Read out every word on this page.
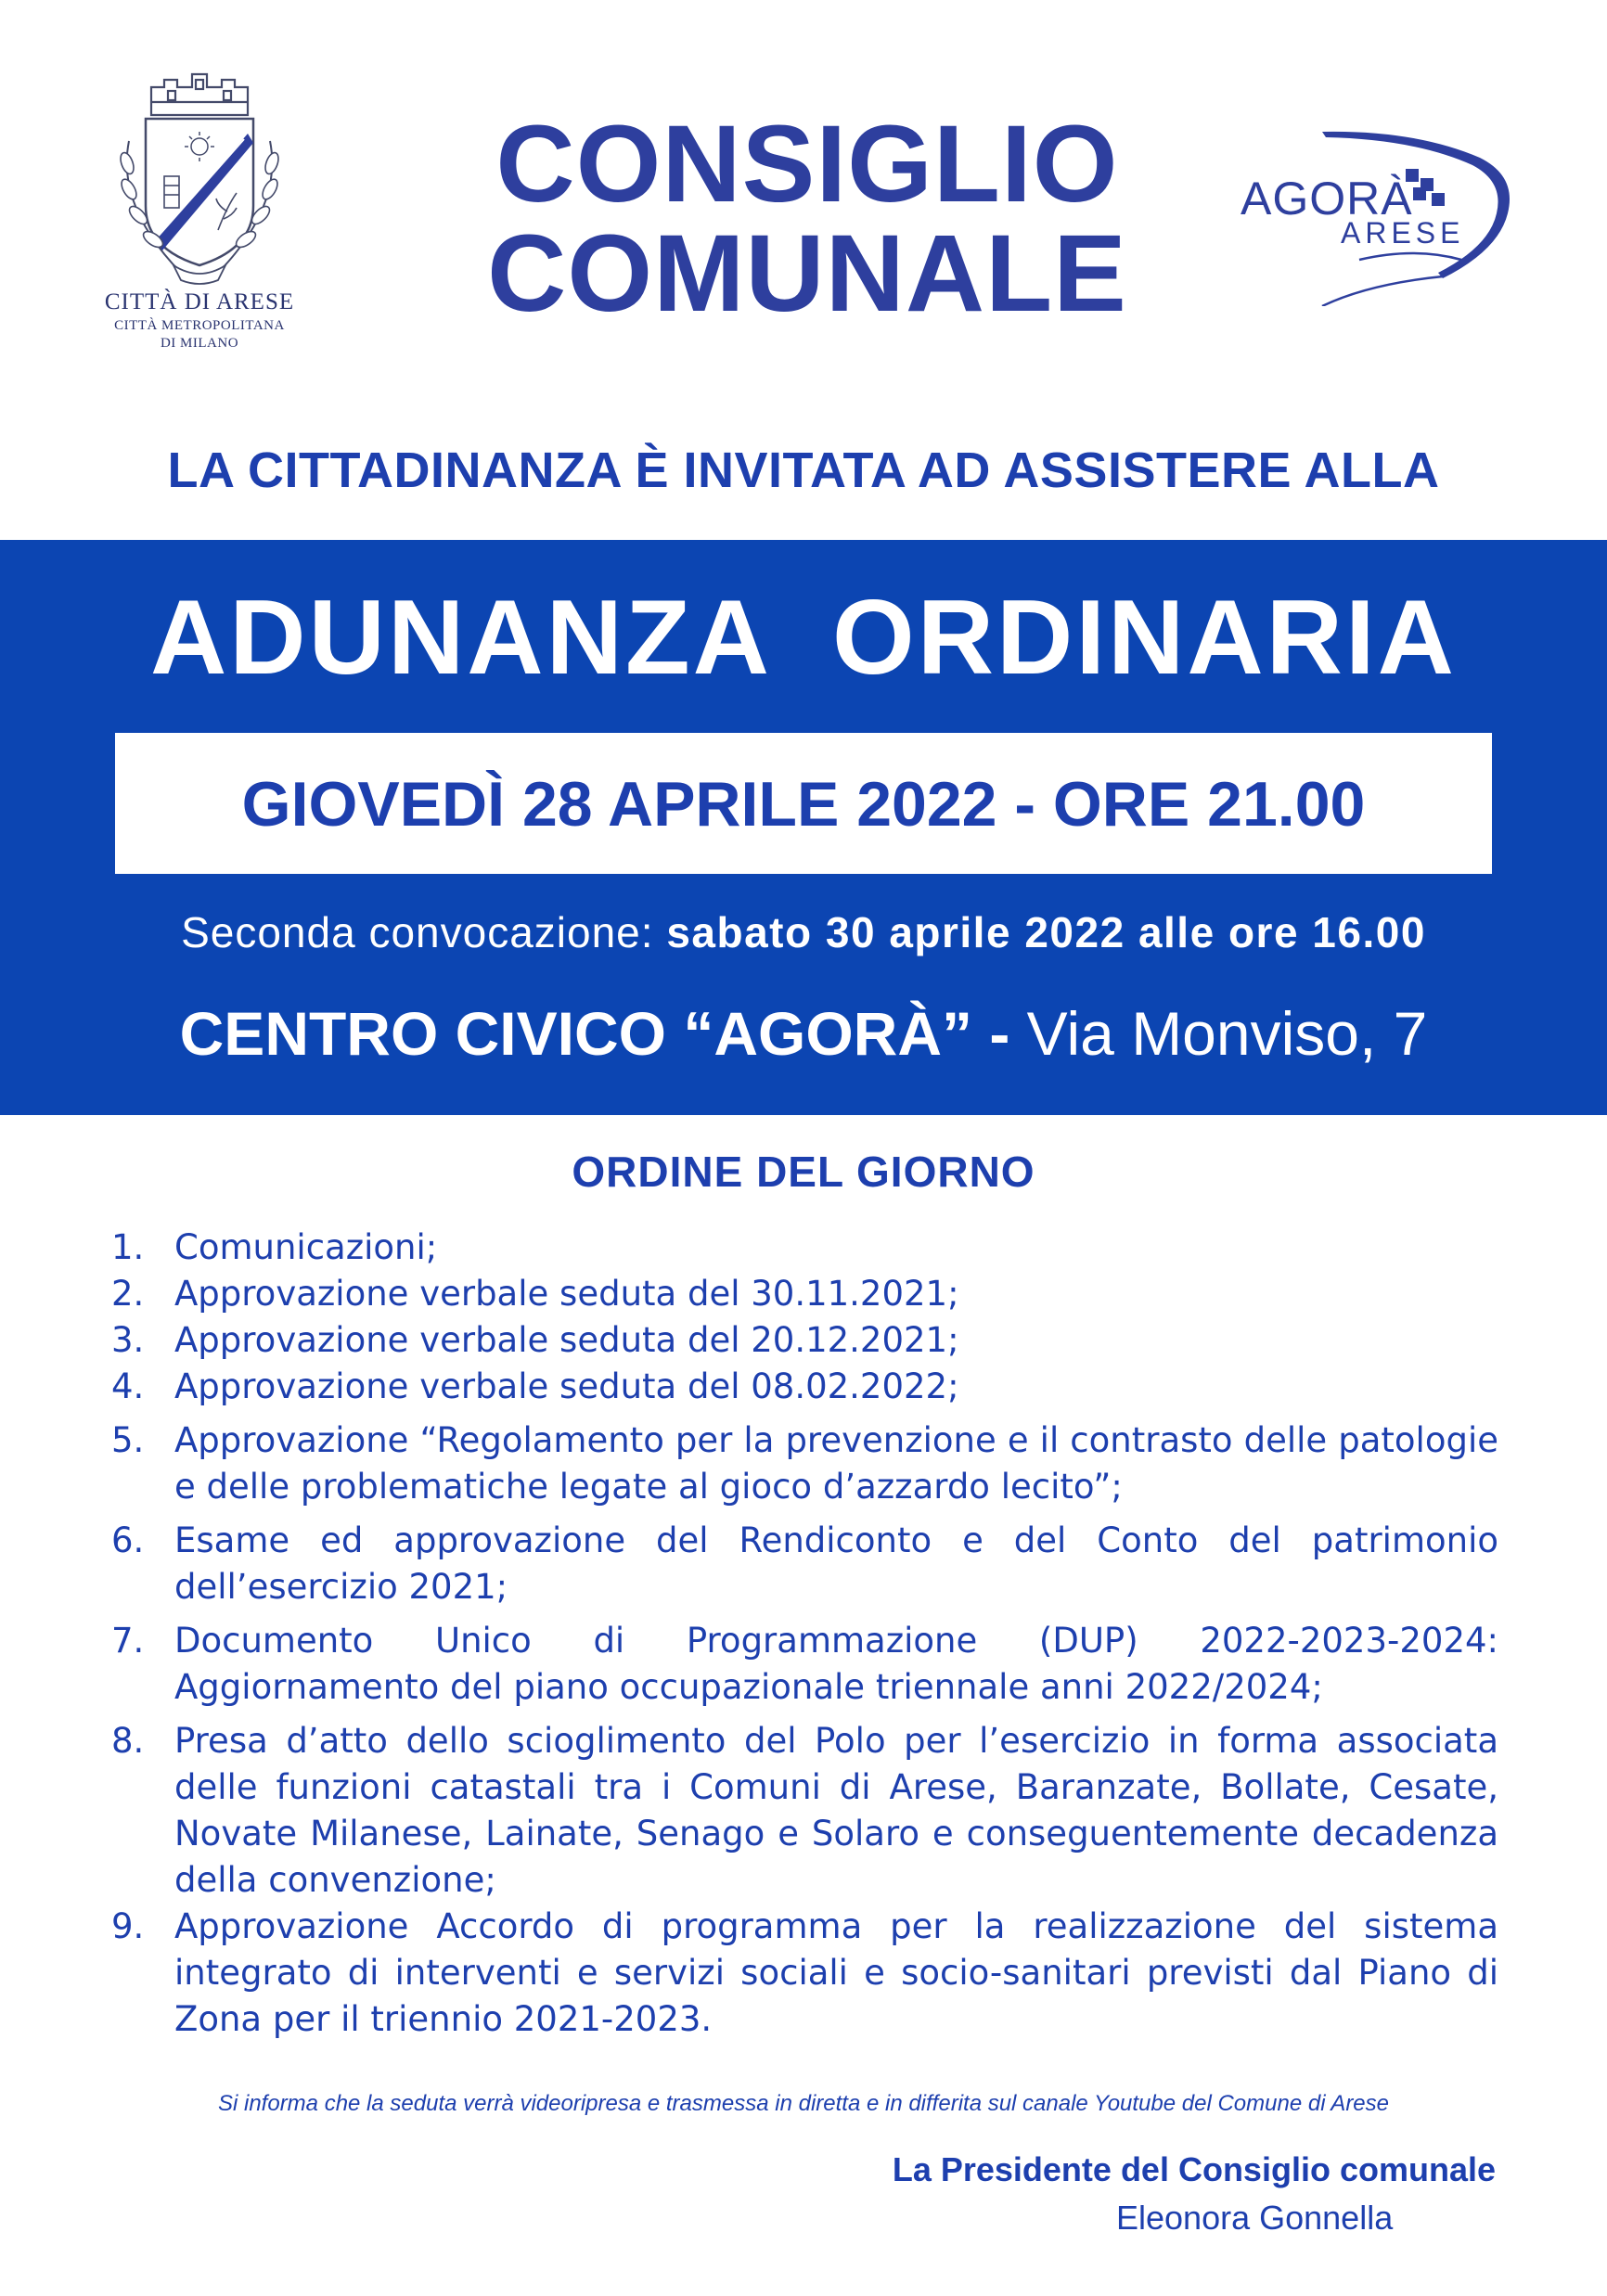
CITTÀ DI ARESE
CITTÀ METROPOLITANA
DI MILANO
CONSIGLIO
COMUNALE
AGORÀ
ARESE
LA CITTADINANZA È INVITATA AD ASSISTERE ALLA
ADUNANZA  ORDINARIA
GIOVEDÌ 28 APRILE 2022 - ORE 21.00
Seconda convocazione: sabato 30 aprile 2022 alle ore 16.00
CENTRO CIVICO “AGORÀ” - Via Monviso, 7
ORDINE DEL GIORNO
1. Comunicazioni;
2. Approvazione verbale seduta del 30.11.2021;
3. Approvazione verbale seduta del 20.12.2021;
4. Approvazione verbale seduta del 08.02.2022;
5. Approvazione “Regolamento per la prevenzione e il contrasto delle patologie e delle problematiche legate al gioco d’azzardo lecito”;
6. Esame ed approvazione del Rendiconto e del Conto del patrimonio dell’esercizio 2021;
7. Documento Unico di Programmazione (DUP) 2022-2023-2024: Aggiornamento del piano occupazionale triennale anni 2022/2024;
8. Presa d’atto dello scioglimento del Polo per l’esercizio in forma associata delle funzioni catastali tra i Comuni di Arese, Baranzate, Bollate, Cesate, Novate Milanese, Lainate, Senago e Solaro e conseguentemente decadenza della convenzione;
9. Approvazione Accordo di programma per la realizzazione del sistema integrato di interventi e servizi sociali e socio-sanitari previsti dal Piano di Zona per il triennio 2021-2023.
Si informa che la seduta verrà videoripresa e trasmessa in diretta e in differita sul canale Youtube del Comune di Arese
La Presidente del Consiglio comunale
Eleonora Gonnella
